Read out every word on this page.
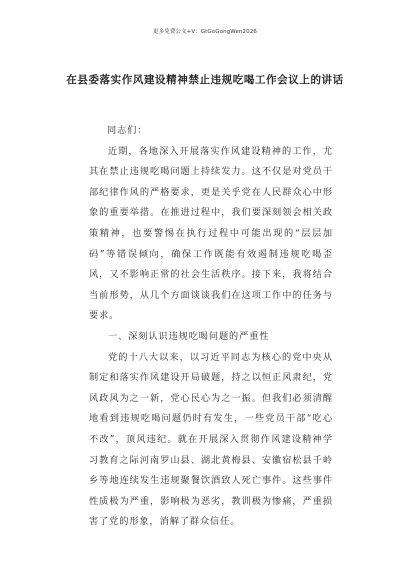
更多免费公文+V：GtGoGongWen2026
在县委落实作风建设精神禁止违规吃喝工作会议上的讲话

同志们：

近期，各地深入开展落实作风建设精神的工作，尤其在禁止违规吃喝问题上持续发力。这不仅是对党员干部纪律作风的严格要求，更是关乎党在人民群众心中形象的重要举措。在推进过程中，我们要深刻领会相关政策精神，也要警惕在执行过程中可能出现的“层层加码”等错误倾向，确保工作既能有效遏制违规吃喝歪风，又不影响正常的社会生活秩序。接下来，我将结合当前形势，从几个方面谈谈我们在这项工作中的任务与要求。

一、深刻认识违规吃喝问题的严重性

党的十八大以来，以习近平同志为核心的党中央从制定和落实作风建设开局破题，持之以恒正风肃纪，党风政风为之一新，党心民心为之一振。但我们必须清醒地看到违规吃喝问题仍时有发生，一些党员干部“吃心不改”，顶风违纪。就在开展深入贯彻作风建设精神学习教育之际河南罗山县、湖北黄梅县、安徽宿松县千岭乡等地连续发生违规聚餐饮酒致人死亡事件。这些事件性质极为严重，影响极为恶劣，教训极为惨痛，严重损害了党的形象，消解了群众信任。
